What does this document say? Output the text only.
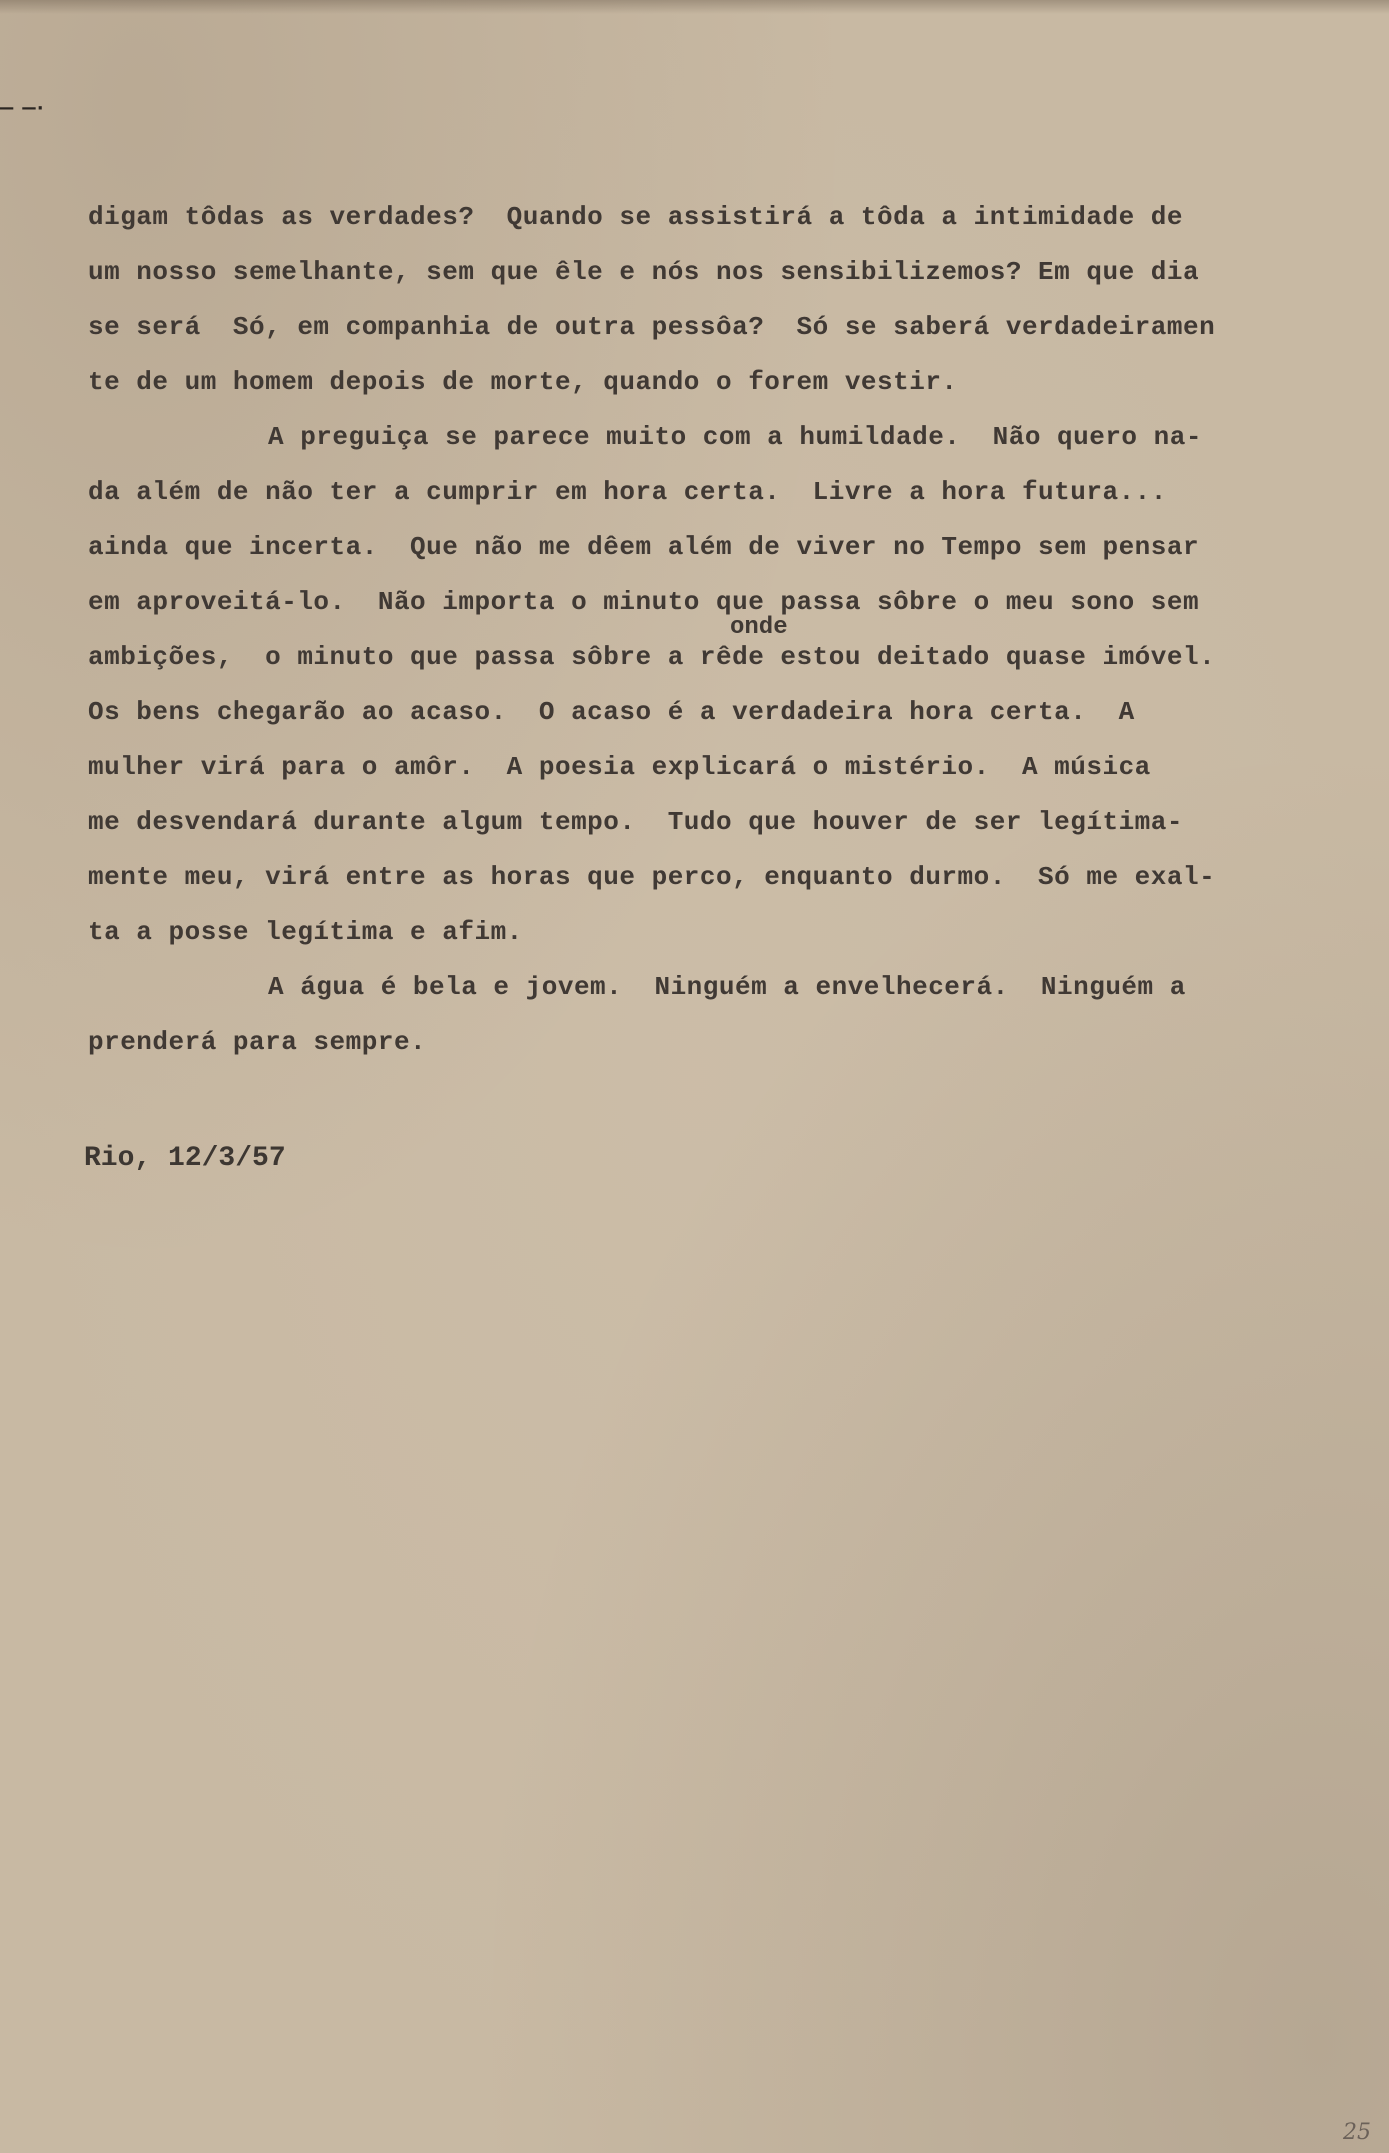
— —·
digam tôdas as verdades?  Quando se assistirá a tôda a intimidade de
um nosso semelhante, sem que êle e nós nos sensibilizemos? Em que dia
se será  Só, em companhia de outra pessôa?  Só se saberá verdadeiramen
te de um homem depois de morte, quando o forem vestir.
A preguiça se parece muito com a humildade.  Não quero na-
da além de não ter a cumprir em hora certa.  Livre a hora futura...
ainda que incerta.  Que não me dêem além de viver no Tempo sem pensar
em aproveitá-lo.  Não importa o minuto que passa sôbre o meu sono sem
ambições,  o minuto que passa sôbre a rêde estou deitado quase imóvel.
Os bens chegarão ao acaso.  O acaso é a verdadeira hora certa.  A
mulher virá para o amôr.  A poesia explicará o mistério.  A música
me desvendará durante algum tempo.  Tudo que houver de ser legítima-
mente meu, virá entre as horas que perco, enquanto durmo.  Só me exal-
ta a posse legítima e afim.
A água é bela e jovem.  Ninguém a envelhecerá.  Ninguém a
prenderá para sempre.
onde
Rio, 12/3/57
25
